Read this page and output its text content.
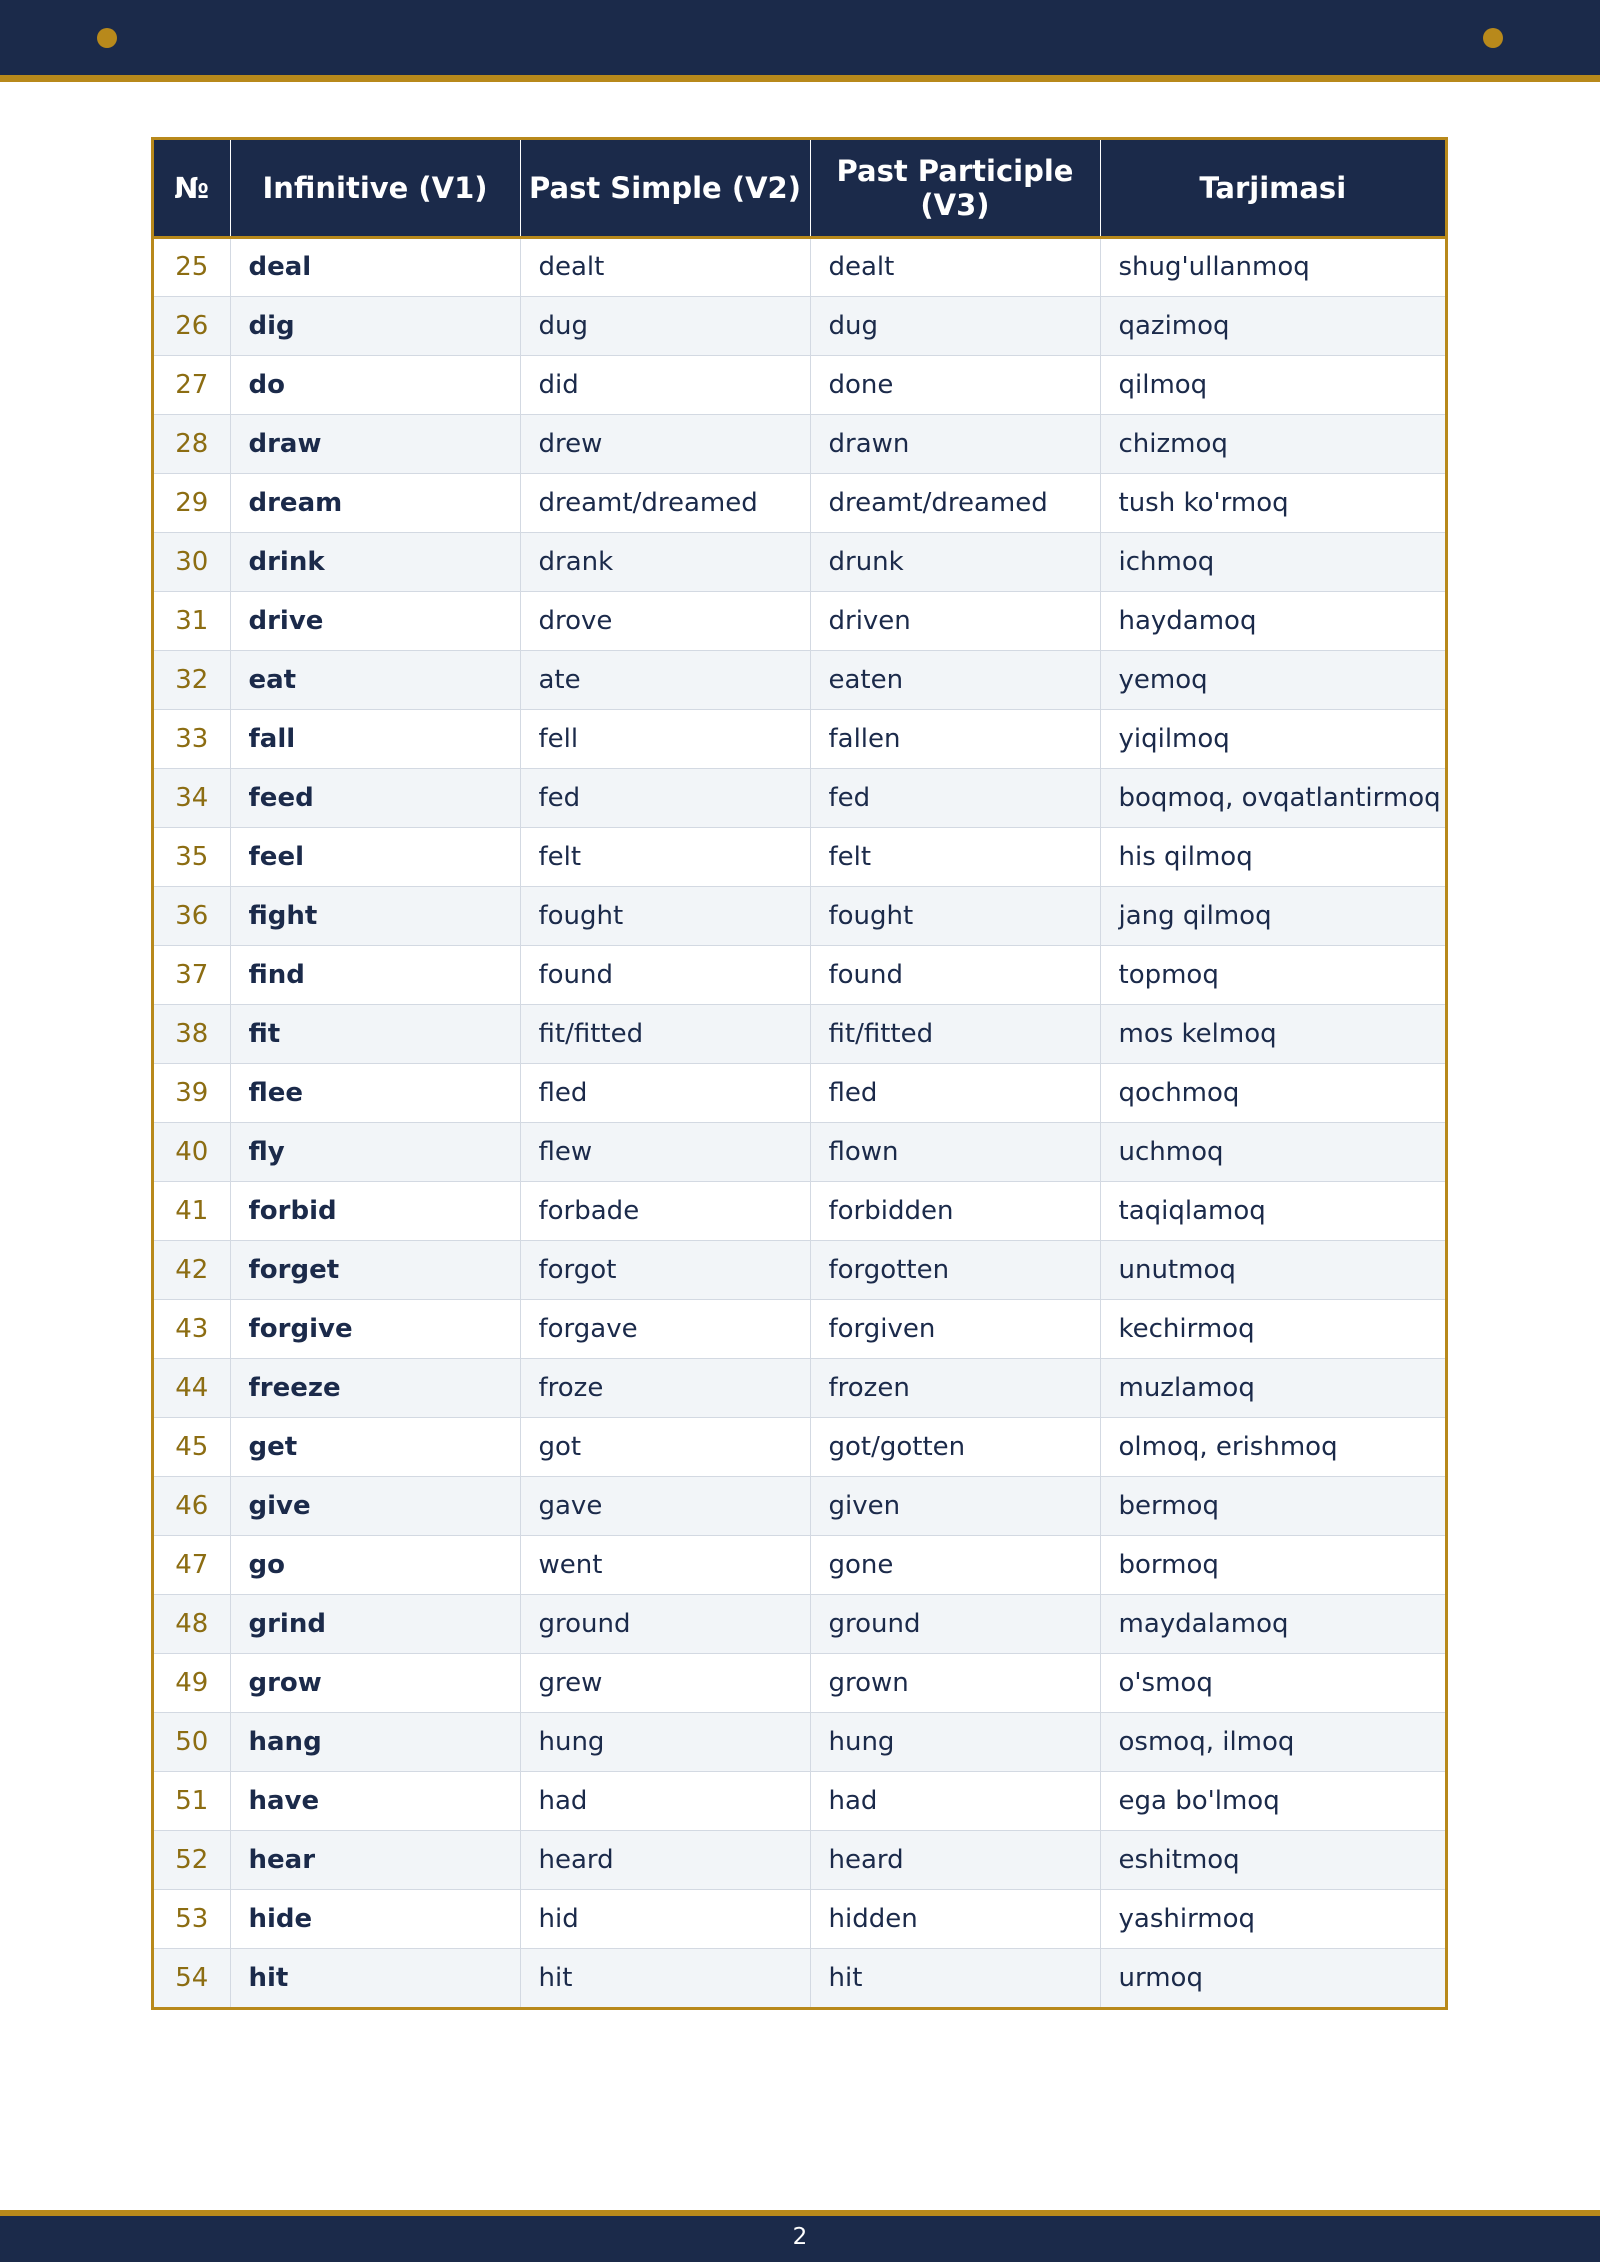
№	Infinitive (V1)	Past Simple (V2)	Past Participle (V3)	Tarjimasi
25	deal	dealt	dealt	shug'ullanmoq
26	dig	dug	dug	qazimoq
27	do	did	done	qilmoq
28	draw	drew	drawn	chizmoq
29	dream	dreamt/dreamed	dreamt/dreamed	tush ko'rmoq
30	drink	drank	drunk	ichmoq
31	drive	drove	driven	haydamoq
32	eat	ate	eaten	yemoq
33	fall	fell	fallen	yiqilmoq
34	feed	fed	fed	boqmoq, ovqatlantirmoq
35	feel	felt	felt	his qilmoq
36	fight	fought	fought	jang qilmoq
37	find	found	found	topmoq
38	fit	fit/fitted	fit/fitted	mos kelmoq
39	flee	fled	fled	qochmoq
40	fly	flew	flown	uchmoq
41	forbid	forbade	forbidden	taqiqlamoq
42	forget	forgot	forgotten	unutmoq
43	forgive	forgave	forgiven	kechirmoq
44	freeze	froze	frozen	muzlamoq
45	get	got	got/gotten	olmoq, erishmoq
46	give	gave	given	bermoq
47	go	went	gone	bormoq
48	grind	ground	ground	maydalamoq
49	grow	grew	grown	o'smoq
50	hang	hung	hung	osmoq, ilmoq
51	have	had	had	ega bo'lmoq
52	hear	heard	heard	eshitmoq
53	hide	hid	hidden	yashirmoq
54	hit	hit	hit	urmoq
2
